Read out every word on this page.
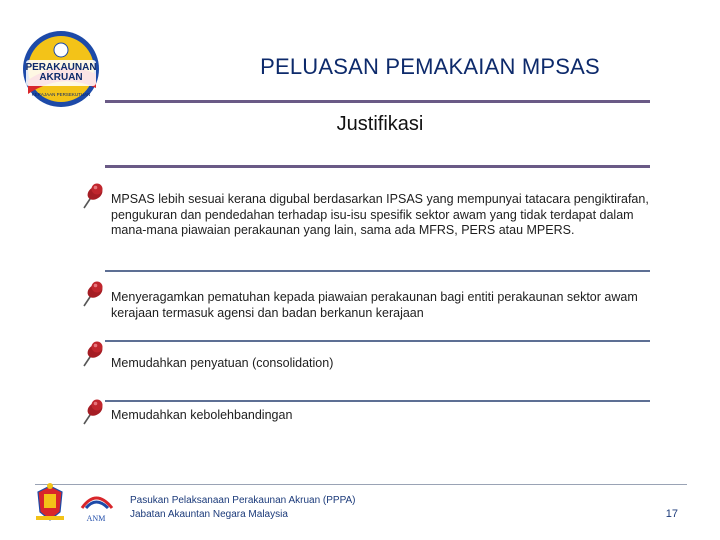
PERAKAUNAN
AKRUAN
KERAJAAN PERSEKUTUAN
PELUASAN PEMAKAIAN MPSAS
Justifikasi
MPSAS lebih sesuai kerana digubal berdasarkan IPSAS yang mempunyai tatacara pengiktirafan, pengukuran dan pendedahan terhadap isu-isu spesifik sektor awam yang tidak terdapat dalam mana-mana piawaian perakaunan yang lain, sama ada MFRS, PERS atau MPERS.
Menyeragamkan pematuhan kepada piawaian perakaunan bagi entiti perakaunan sektor awam kerajaan termasuk agensi dan badan berkanun kerajaan
Memudahkan penyatuan (consolidation)
Memudahkan kebolehbandingan
ANM
Pasukan Pelaksanaan Perakaunan Akruan (PPPA)
Jabatan Akauntan Negara Malaysia	17
